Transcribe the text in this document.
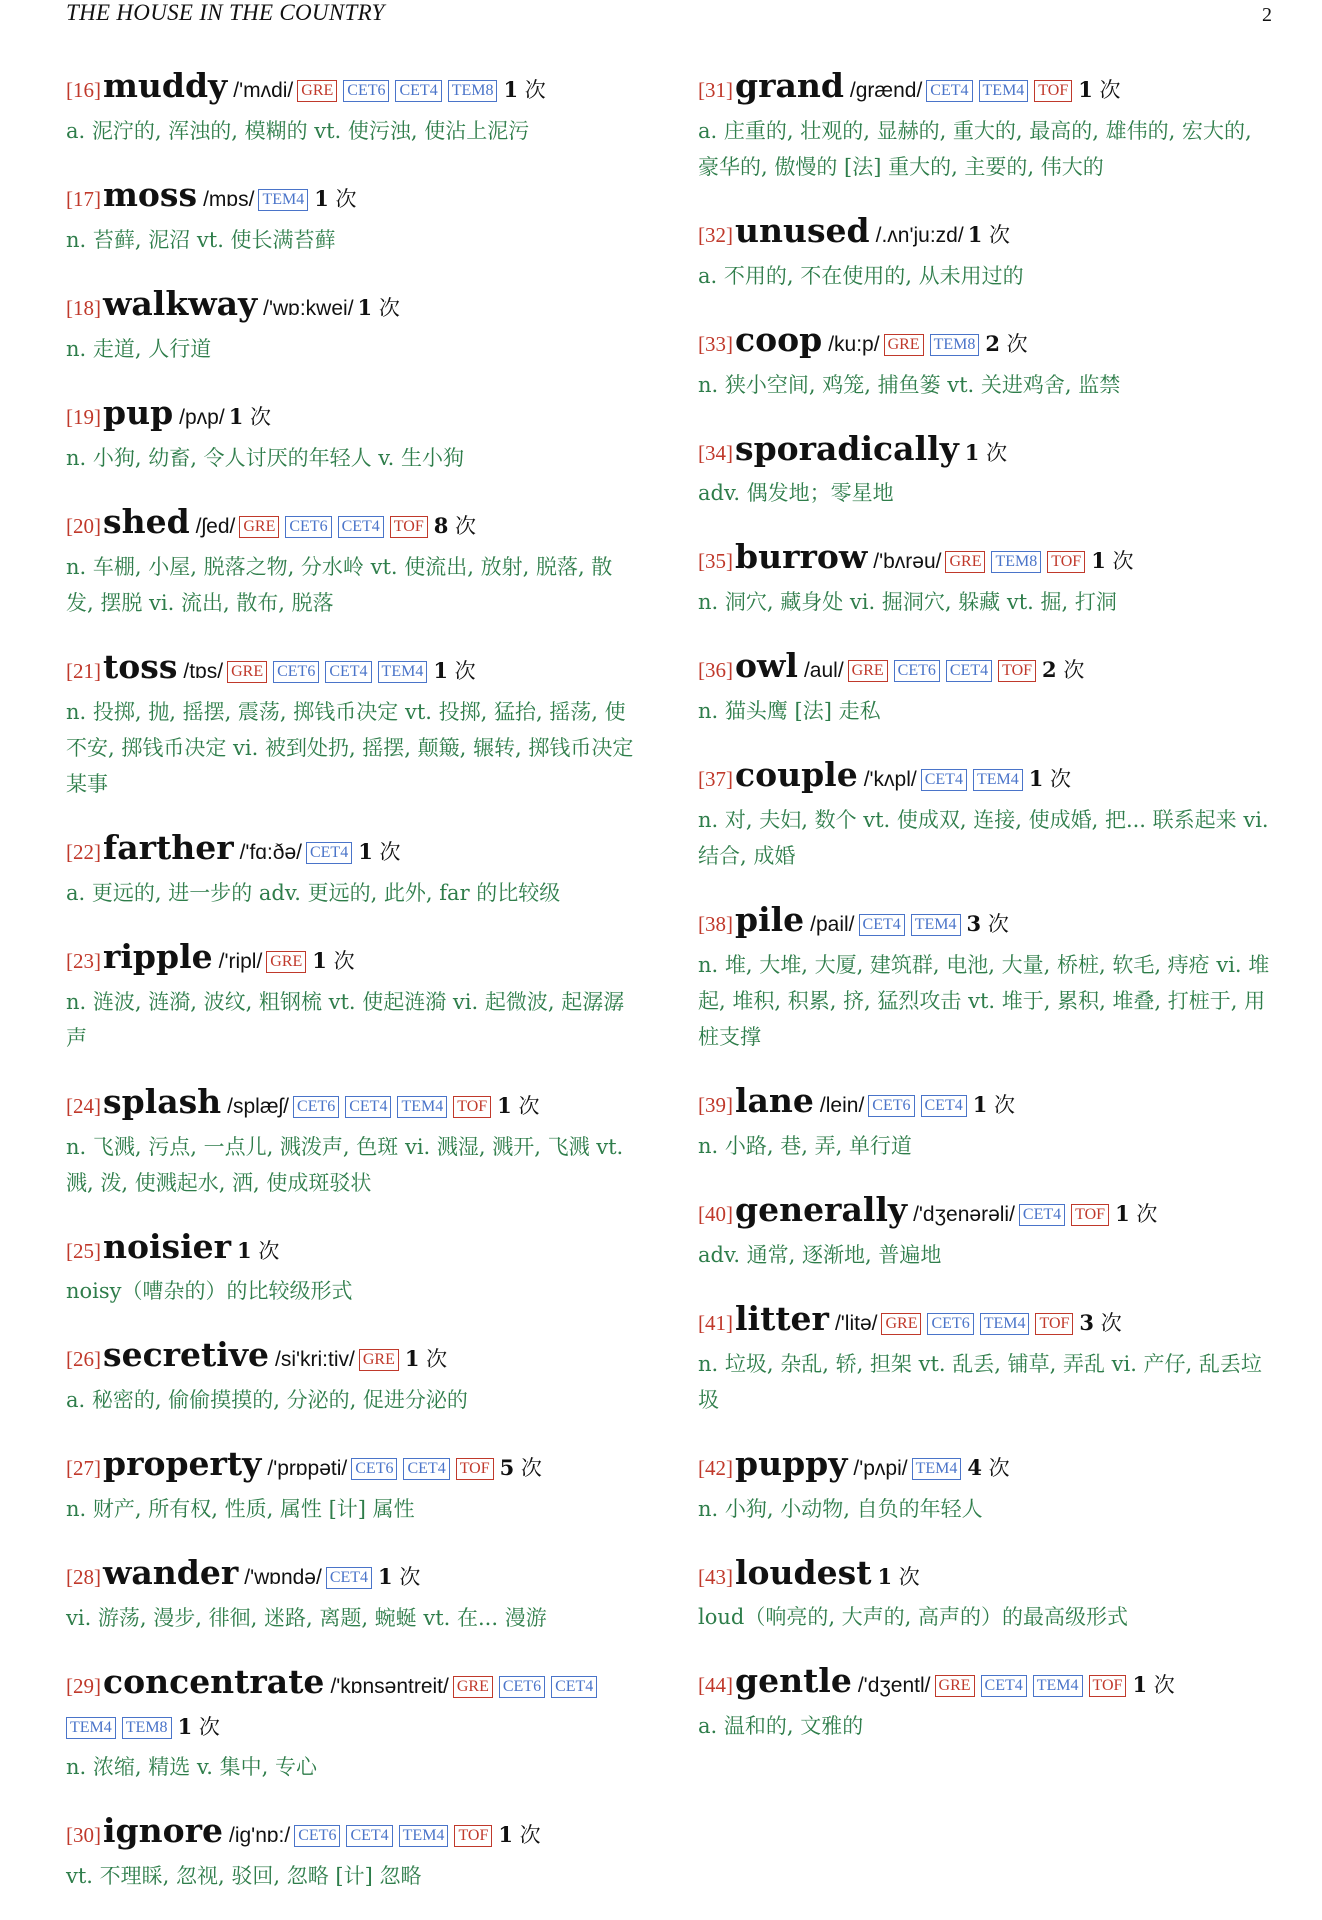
THE HOUSE IN THE COUNTRY	2
[16]muddy /'mʌdi/ GRE CET6 CET4 TEM8 1 次
a. 泥泞的, 浑浊的, 模糊的 vt. 使污浊, 使沾上泥污
[17]moss /mɒs/ TEM4 1 次
n. 苔藓, 泥沼 vt. 使长满苔藓
[18]walkway /'wɒ:kwei/ 1 次
n. 走道, 人行道
[19]pup /pʌp/ 1 次
n. 小狗, 幼畜, 令人讨厌的年轻人 v. 生小狗
[20]shed /ʃed/ GRE CET6 CET4 TOF 8 次
n. 车棚, 小屋, 脱落之物, 分水岭 vt. 使流出, 放射, 脱落, 散发, 摆脱 vi. 流出, 散布, 脱落
[21]toss /tɒs/ GRE CET6 CET4 TEM4 1 次
n. 投掷, 抛, 摇摆, 震荡, 掷钱币决定 vt. 投掷, 猛抬, 摇荡, 使不安, 掷钱币决定 vi. 被到处扔, 摇摆, 颠簸, 辗转, 掷钱币决定某事
[22]farther /'fɑ:ðə/ CET4 1 次
a. 更远的, 进一步的 adv. 更远的, 此外, far 的比较级
[23]ripple /'ripl/ GRE 1 次
n. 涟波, 涟漪, 波纹, 粗钢梳 vt. 使起涟漪 vi. 起微波, 起潺潺声
[24]splash /splæʃ/ CET6 CET4 TEM4 TOF 1 次
n. 飞溅, 污点, 一点儿, 溅泼声, 色斑 vi. 溅湿, 溅开, 飞溅 vt. 溅, 泼, 使溅起水, 洒, 使成斑驳状
[25]noisier 1 次
noisy（嘈杂的）的比较级形式
[26]secretive /si'kri:tiv/ GRE 1 次
a. 秘密的, 偷偷摸摸的, 分泌的, 促进分泌的
[27]property /'prɒpəti/ CET6 CET4 TOF 5 次
n. 财产, 所有权, 性质, 属性 [计] 属性
[28]wander /'wɒndə/ CET4 1 次
vi. 游荡, 漫步, 徘徊, 迷路, 离题, 蜿蜒 vt. 在... 漫游
[29]concentrate /'kɒnsəntreit/ GRE CET6 CET4TEM4 TEM8 1 次
n. 浓缩, 精选 v. 集中, 专心
[30]ignore /ig'nɒ:/ CET6 CET4 TEM4 TOF 1 次
vt. 不理睬, 忽视, 驳回, 忽略 [计] 忽略
[31]grand /grænd/ CET4 TEM4 TOF 1 次
a. 庄重的, 壮观的, 显赫的, 重大的, 最高的, 雄伟的, 宏大的, 豪华的, 傲慢的 [法] 重大的, 主要的, 伟大的
[32]unused /.ʌn'ju:zd/ 1 次
a. 不用的, 不在使用的, 从未用过的
[33]coop /ku:p/ GRE TEM8 2 次
n. 狭小空间, 鸡笼, 捕鱼篓 vt. 关进鸡舍, 监禁
[34]sporadically 1 次
adv. 偶发地；零星地
[35]burrow /'bʌrəu/ GRE TEM8 TOF 1 次
n. 洞穴, 藏身处 vi. 掘洞穴, 躲藏 vt. 掘, 打洞
[36]owl /aul/ GRE CET6 CET4 TOF 2 次
n. 猫头鹰 [法] 走私
[37]couple /'kʌpl/ CET4 TEM4 1 次
n. 对, 夫妇, 数个 vt. 使成双, 连接, 使成婚, 把... 联系起来 vi. 结合, 成婚
[38]pile /pail/ CET4 TEM4 3 次
n. 堆, 大堆, 大厦, 建筑群, 电池, 大量, 桥桩, 软毛, 痔疮 vi. 堆起, 堆积, 积累, 挤, 猛烈攻击 vt. 堆于, 累积, 堆叠, 打桩于, 用桩支撑
[39]lane /lein/ CET6 CET4 1 次
n. 小路, 巷, 弄, 单行道
[40]generally /'dʒenərəli/ CET4 TOF 1 次
adv. 通常, 逐渐地, 普遍地
[41]litter /'litə/ GRE CET6 TEM4 TOF 3 次
n. 垃圾, 杂乱, 轿, 担架 vt. 乱丢, 铺草, 弄乱 vi. 产仔, 乱丢垃圾
[42]puppy /'pʌpi/ TEM4 4 次
n. 小狗, 小动物, 自负的年轻人
[43]loudest 1 次
loud（响亮的, 大声的, 高声的）的最高级形式
[44]gentle /'dʒentl/ GRE CET4 TEM4 TOF 1 次
a. 温和的, 文雅的
